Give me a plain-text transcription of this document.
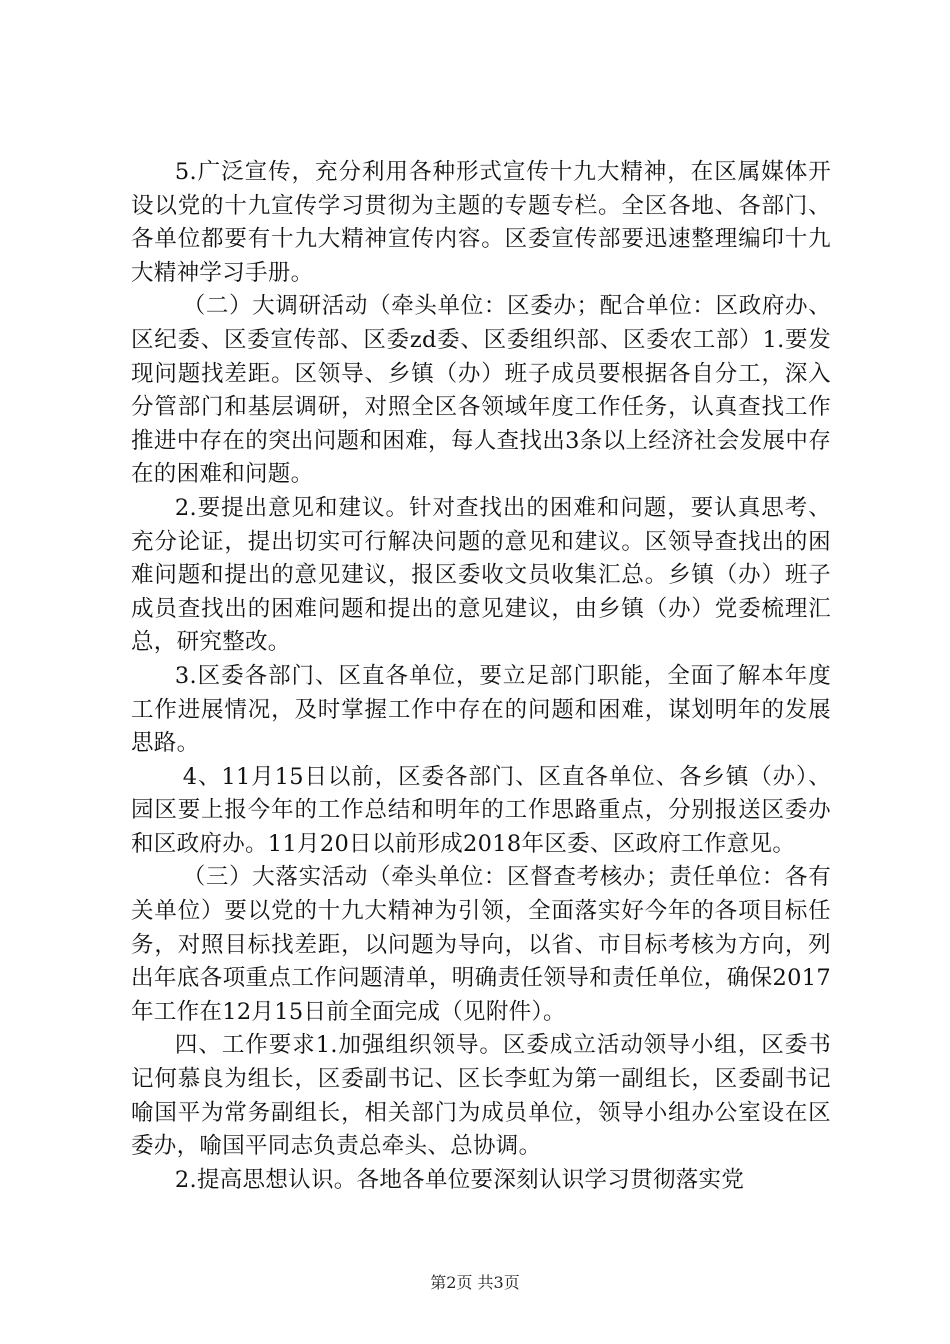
5.广泛宣传，充分利用各种形式宣传十九大精神，在区属媒体开设以党的十九宣传学习贯彻为主题的专题专栏。全区各地、各部门、各单位都要有十九大精神宣传内容。区委宣传部要迅速整理编印十九大精神学习手册。

（二）大调研活动（牵头单位：区委办；配合单位：区政府办、区纪委、区委宣传部、区委zd委、区委组织部、区委农工部）1.要发现问题找差距。区领导、乡镇（办）班子成员要根据各自分工，深入分管部门和基层调研，对照全区各领域年度工作任务，认真查找工作推进中存在的突出问题和困难，每人查找出3条以上经济社会发展中存在的困难和问题。

2.要提出意见和建议。针对查找出的困难和问题，要认真思考、充分论证，提出切实可行解决问题的意见和建议。区领导查找出的困难问题和提出的意见建议，报区委收文员收集汇总。乡镇（办）班子成员查找出的困难问题和提出的意见建议，由乡镇（办）党委梳理汇总，研究整改。

3.区委各部门、区直各单位，要立足部门职能，全面了解本年度工作进展情况，及时掌握工作中存在的问题和困难，谋划明年的发展思路。

4、11月15日以前，区委各部门、区直各单位、各乡镇（办）、园区要上报今年的工作总结和明年的工作思路重点，分别报送区委办和区政府办。11月20日以前形成2018年区委、区政府工作意见。

（三）大落实活动（牵头单位：区督查考核办；责任单位：各有关单位）要以党的十九大精神为引领，全面落实好今年的各项目标任务，对照目标找差距，以问题为导向，以省、市目标考核为方向，列出年底各项重点工作问题清单，明确责任领导和责任单位，确保2017年工作在12月15日前全面完成（见附件）。

四、工作要求1.加强组织领导。区委成立活动领导小组，区委书记何慕良为组长，区委副书记、区长李虹为第一副组长，区委副书记喻国平为常务副组长，相关部门为成员单位，领导小组办公室设在区委办，喻国平同志负责总牵头、总协调。

2.提高思想认识。各地各单位要深刻认识学习贯彻落实党

第2页 共3页
